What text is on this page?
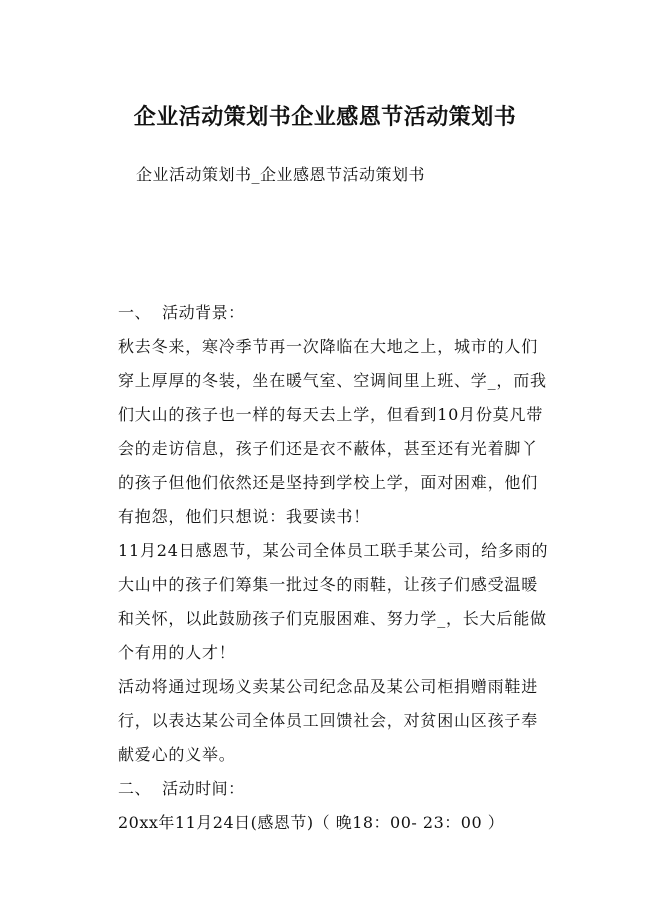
企业活动策划书企业感恩节活动策划书
企业活动策划书_企业感恩节活动策划书
一、  活动背景：

秋去冬来，寒冷季节再一次降临在大地之上，城市的人们穿上厚厚的冬装，坐在暖气室、空调间里上班、学_，而我们大山的孩子也一样的每天去上学，但看到10月份莫凡带会的走访信息，孩子们还是衣不蔽体，甚至还有光着脚丫的孩子但他们依然还是坚持到学校上学，面对困难，他们有抱怨，他们只想说：我要读书！

11月24日感恩节，某公司全体员工联手某公司，给多雨的大山中的孩子们筹集一批过冬的雨鞋，让孩子们感受温暖和关怀，以此鼓励孩子们克服困难、努力学_，长大后能做个有用的人才！

活动将通过现场义卖某公司纪念品及某公司柜捐赠雨鞋进行，以表达某公司全体员工回馈社会，对贫困山区孩子奉献爱心的义举。

二、  活动时间：
20xx年11月24日(感恩节)（ 晚18：00- 23：00 ）
